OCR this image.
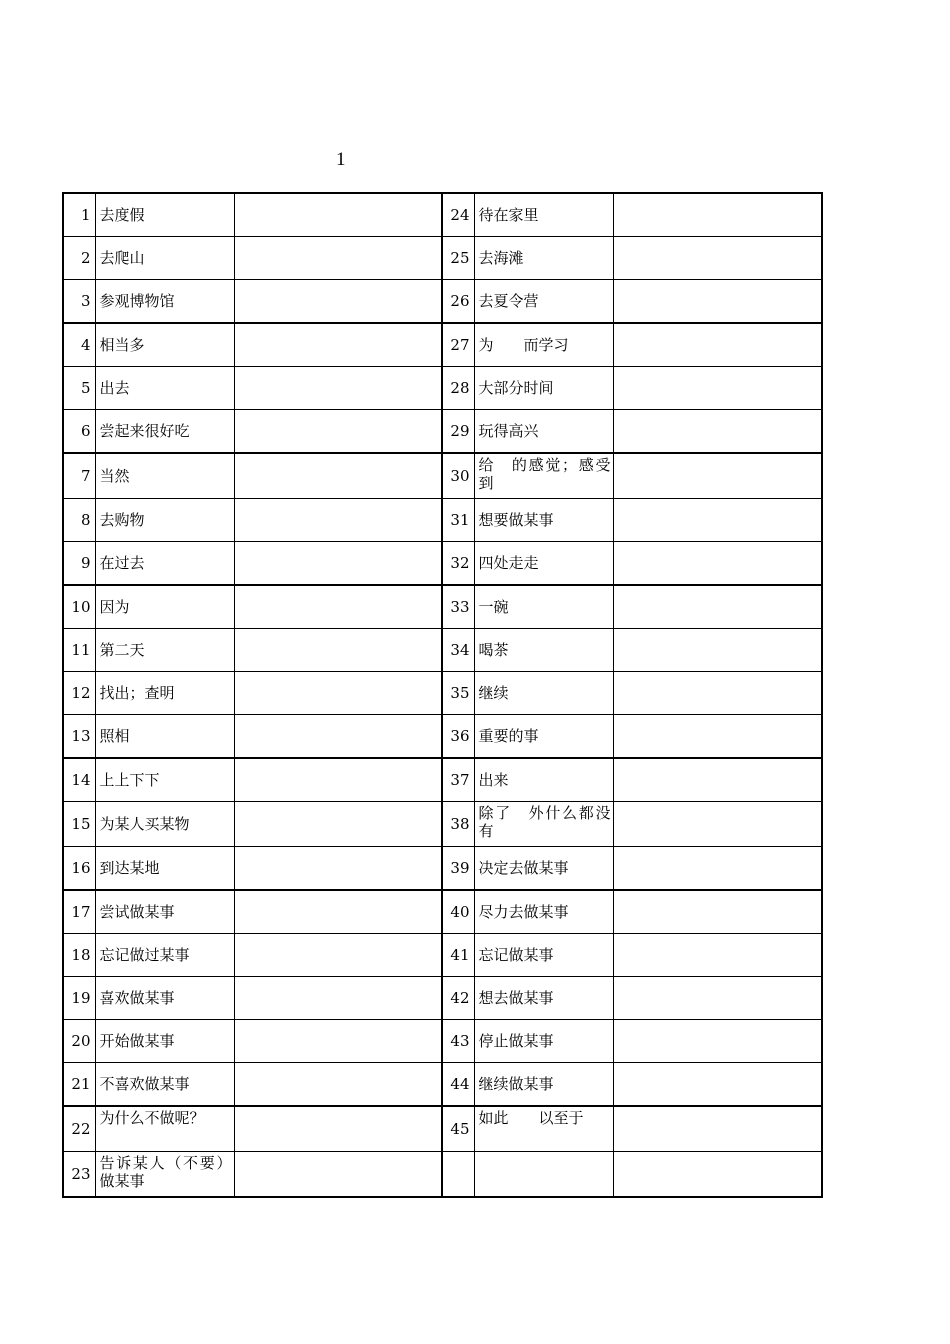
1
1	去度假		24	待在家里	
2	去爬山		25	去海滩	
3	参观博物馆		26	去夏令营	
4	相当多		27	为　　而学习	
5	出去		28	大部分时间	
6	尝起来很好吃		29	玩得高兴	
7	当然		30	给　的感觉；感受到	
8	去购物		31	想要做某事	
9	在过去		32	四处走走	
10	因为		33	一碗	
11	第二天		34	喝茶	
12	找出；查明		35	继续	
13	照相		36	重要的事	
14	上上下下		37	出来	
15	为某人买某物		38	除了　外什么都没有	
16	到达某地		39	决定去做某事	
17	尝试做某事		40	尽力去做某事	
18	忘记做过某事		41	忘记做某事	
19	喜欢做某事		42	想去做某事	
20	开始做某事		43	停止做某事	
21	不喜欢做某事		44	继续做某事	
22	为什么不做呢？		45	如此　　以至于	
23	告诉某人（不要）做某事				
